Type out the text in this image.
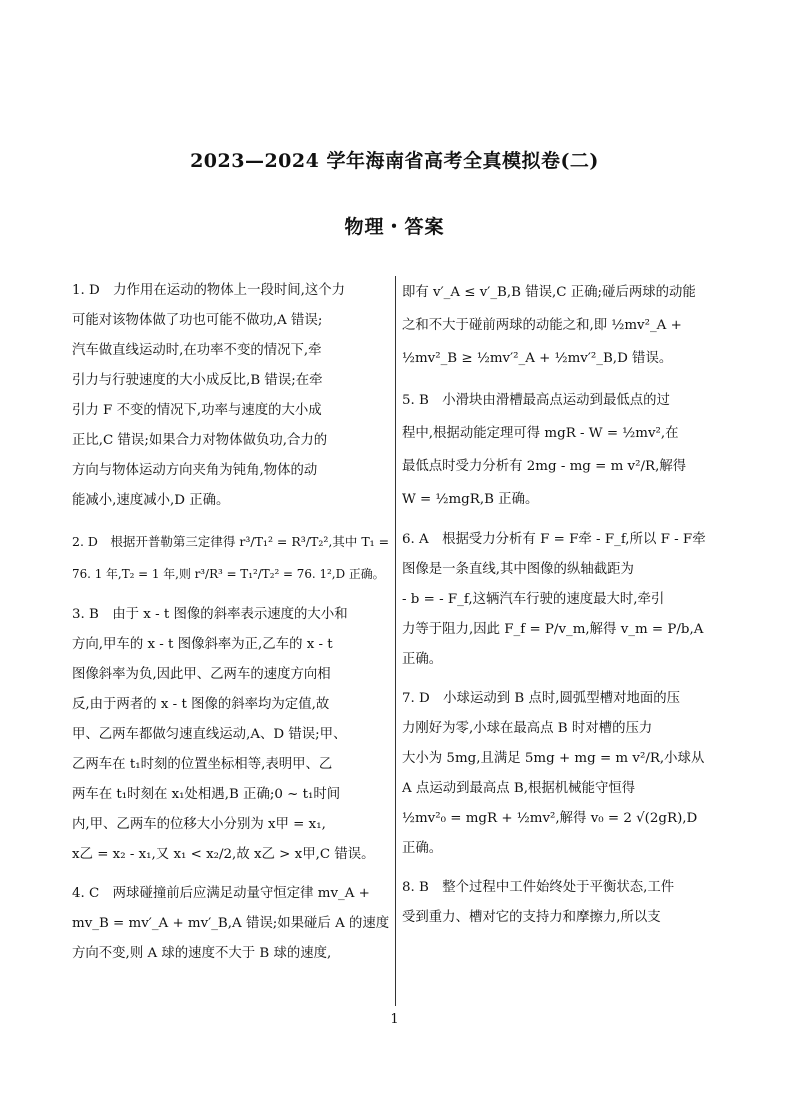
2023—2024 学年海南省高考全真模拟卷(二)
物理・答案
1. D　力作用在运动的物体上一段时间,这个力
可能对该物体做了功也可能不做功,A 错误;
汽车做直线运动时,在功率不变的情况下,牵
引力与行驶速度的大小成反比,B 错误;在牵
引力 F 不变的情况下,功率与速度的大小成
正比,C 错误;如果合力对物体做负功,合力的
方向与物体运动方向夹角为钝角,物体的动
能减小,速度减小,D 正确。
2. D　根据开普勒第三定律得 r³/T₁² = R³/T₂²,其中 T₁ =
76. 1 年,T₂ = 1 年,则 r³/R³ = T₁²/T₂² = 76. 1²,D 正确。
3. B　由于 x - t 图像的斜率表示速度的大小和
方向,甲车的 x - t 图像斜率为正,乙车的 x - t
图像斜率为负,因此甲、乙两车的速度方向相
反,由于两者的 x - t 图像的斜率均为定值,故
甲、乙两车都做匀速直线运动,A、D 错误;甲、
乙两车在 t₁时刻的位置坐标相等,表明甲、乙
两车在 t₁时刻在 x₁处相遇,B 正确;0 ~ t₁时间
内,甲、乙两车的位移大小分别为 x甲 = x₁,
x乙 = x₂ - x₁,又 x₁ < x₂/2,故 x乙 > x甲,C 错误。
4. C　两球碰撞前后应满足动量守恒定律 mv_A +
mv_B = mv′_A + mv′_B,A 错误;如果碰后 A 的速度
方向不变,则 A 球的速度不大于 B 球的速度,
即有 v′_A ≤ v′_B,B 错误,C 正确;碰后两球的动能
之和不大于碰前两球的动能之和,即 ½mv²_A +
½mv²_B ≥ ½mv′²_A + ½mv′²_B,D 错误。
5. B　小滑块由滑槽最高点运动到最低点的过
程中,根据动能定理可得 mgR - W = ½mv²,在
最低点时受力分析有 2mg - mg = m v²/R,解得
W = ½mgR,B 正确。
6. A　根据受力分析有 F = F牵 - F_f,所以 F - F牵
图像是一条直线,其中图像的纵轴截距为
- b = - F_f,这辆汽车行驶的速度最大时,牵引
力等于阻力,因此 F_f = P/v_m,解得 v_m = P/b,A
正确。
7. D　小球运动到 B 点时,圆弧型槽对地面的压
力刚好为零,小球在最高点 B 时对槽的压力
大小为 5mg,且满足 5mg + mg = m v²/R,小球从
A 点运动到最高点 B,根据机械能守恒得
½mv²₀ = mgR + ½mv²,解得 v₀ = 2 √(2gR),D
正确。
8. B　整个过程中工件始终处于平衡状态,工件
受到重力、槽对它的支持力和摩擦力,所以支
1
